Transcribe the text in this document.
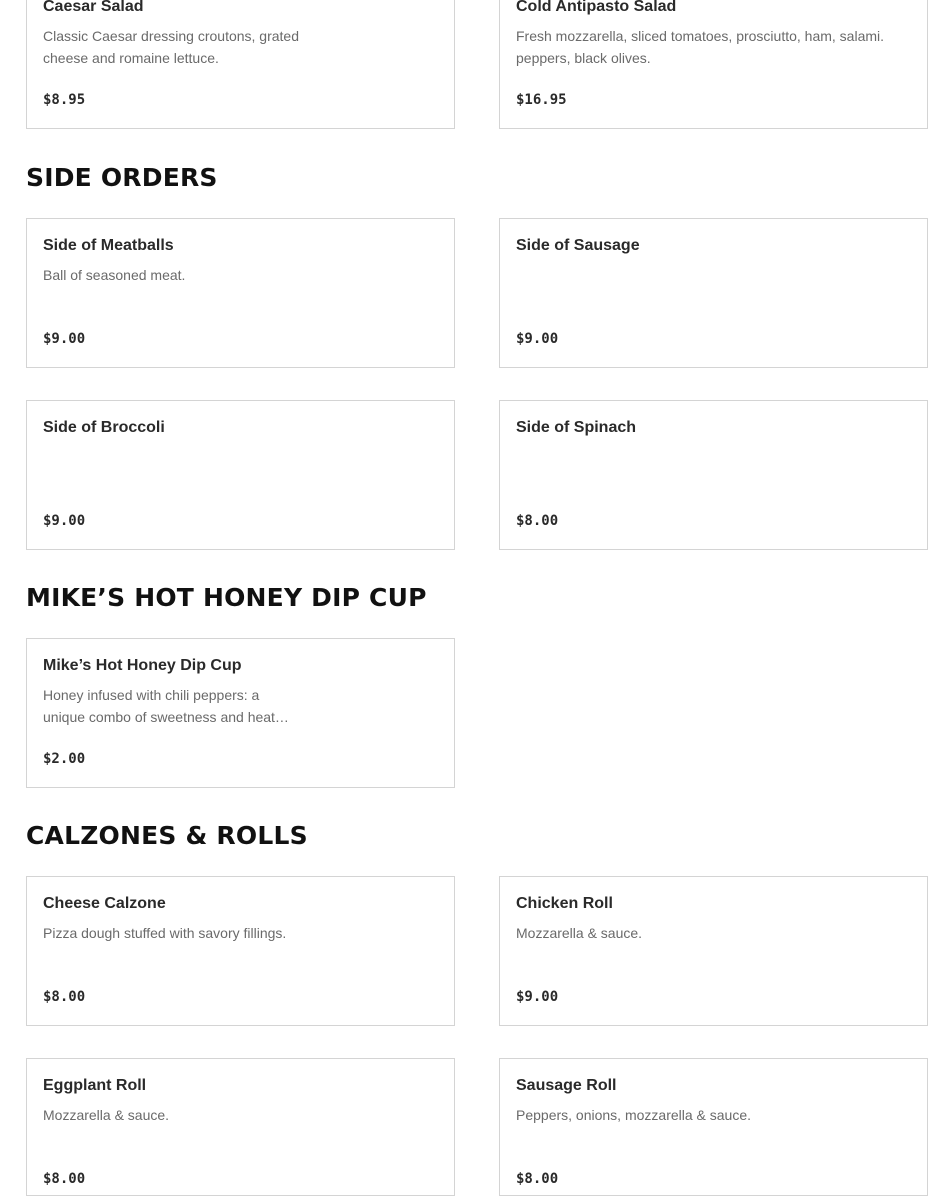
Caesar Salad

Classic Caesar dressing croutons, grated cheese and romaine lettuce.

$8.95
Cold Antipasto Salad

Fresh mozzarella, sliced tomatoes, prosciutto, ham, salami. peppers, black olives.

$16.95
SIDE ORDERS
Side of Meatballs

Ball of seasoned meat.

$9.00
Side of Sausage
$9.00
Side of Broccoli
$9.00
Side of Spinach
$8.00
MIKE’S HOT HONEY DIP CUP
Mike’s Hot Honey Dip Cup

Honey infused with chili peppers: a unique combo of sweetness and heat…

$2.00
CALZONES & ROLLS
Cheese Calzone

Pizza dough stuffed with savory fillings.

$8.00
Chicken Roll

Mozzarella & sauce.

$9.00
Eggplant Roll

Mozzarella & sauce.

$8.00
Sausage Roll

Peppers, onions, mozzarella & sauce.

$8.00
